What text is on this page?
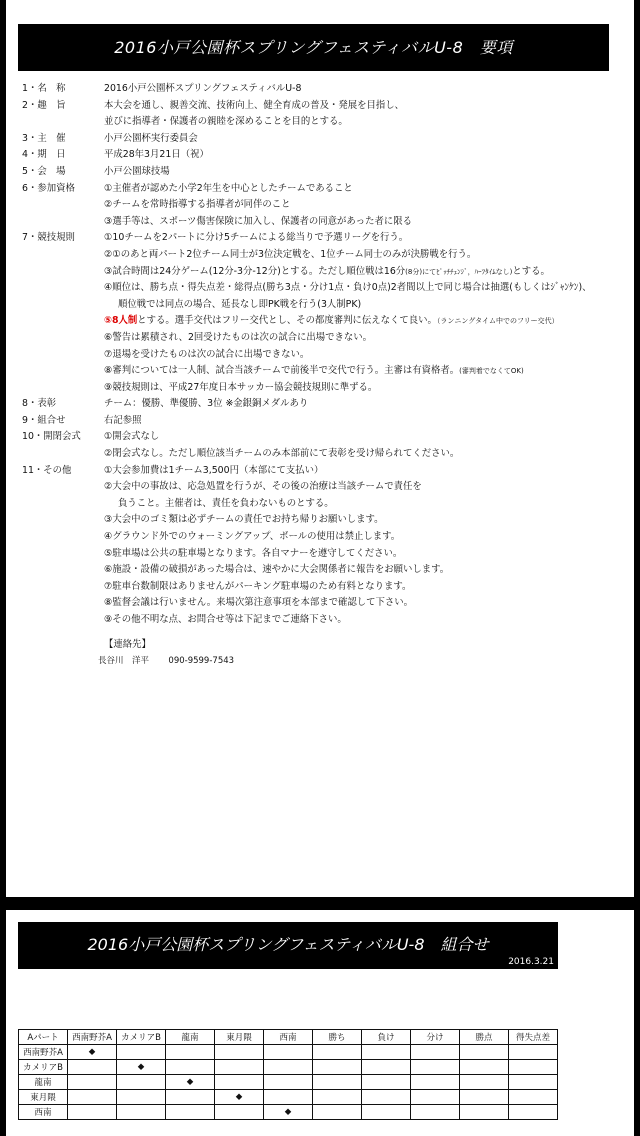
2016小戸公園杯スプリングフェスティバルU-8　要項
1・名　称	2016小戸公園杯スプリングフェスティバルU-8
2・趣　旨	本大会を通し、親善交流、技術向上、健全育成の普及・発展を目指し、
並びに指導者・保護者の親睦を深めることを目的とする。
3・主　催	小戸公園杯実行委員会
4・期　日	平成28年3月21日（祝）
5・会　場	小戸公園球技場
6・参加資格	①主催者が認めた小学2年生を中心としたチームであること
②チームを常時指導する指導者が同伴のこと
③選手等は、スポーツ傷害保険に加入し、保護者の同意があった者に限る
7・競技規則	①10チームを2パートに分け5チームによる総当りで予選リーグを行う。
②①のあと両パート2位チーム同士が3位決定戦を、1位チーム同士のみが決勝戦を行う。
③試合時間は24分ゲーム(12分-3分-12分)とする。ただし順位戦は16分(8分)にてﾋﾟｯﾁﾁｪﾝｼﾞ，ﾊｰﾌﾀｲﾑなし)とする。
④順位は、勝ち点・得失点差・総得点(勝ち3点・分け1点・負け0点)2者間以上で同じ場合は抽選(もしくはｼﾞｬﾝｹﾝ)、
順位戦では同点の場合、延長なし即PK戦を行う(3人制PK)
⑤8人制とする。選手交代はフリー交代とし、その都度審判に伝えなくて良い。（ランニングタイム中でのフリー交代）
⑥警告は累積され、2回受けたものは次の試合に出場できない。
⑦退場を受けたものは次の試合に出場できない。
⑧審判については一人制、試合当該チームで前後半で交代で行う。主審は有資格者。(審判着でなくてOK)
⑨競技規則は、平成27年度日本サッカー協会競技規則に準ずる。
8・表彰	チーム：優勝、準優勝、3位 ※金銀銅メダルあり
9・組合せ	右記参照
10・開閉会式	①開会式なし
②閉会式なし。ただし順位該当チームのみ本部前にて表彰を受け帰られてください。
11・その他	①大会参加費は1チーム3,500円（本部にて支払い）
②大会中の事故は、応急処置を行うが、その後の治療は当該チームで責任を
負うこと。主催者は、責任を負わないものとする。
③大会中のゴミ類は必ずチームの責任でお持ち帰りお願いします。
④グラウンド外でのウォーミングアップ、ボールの使用は禁止します。
⑤駐車場は公共の駐車場となります。各自マナーを遵守してください。
⑥施設・設備の破損があった場合は、速やかに大会関係者に報告をお願いします。
⑦駐車台数制限はありませんがパーキング駐車場のため有料となります。
⑧監督会議は行いません。来場次第注意事項を本部まで確認して下さい。
⑨その他不明な点、お問合せ等は下記までご連絡下さい。
【連絡先】
長谷川　洋平 090-9599-7543
2016小戸公園杯スプリングフェスティバルU-8　組合せ
2016.3.21
Aパート	西南野芥A	カメリアB	龍南	東月隈	西南	勝ち	負け	分け	勝点	得失点差
西南野芥A	◆									
カメリアB		◆								
龍南			◆							
東月隈				◆						
西南					◆					
